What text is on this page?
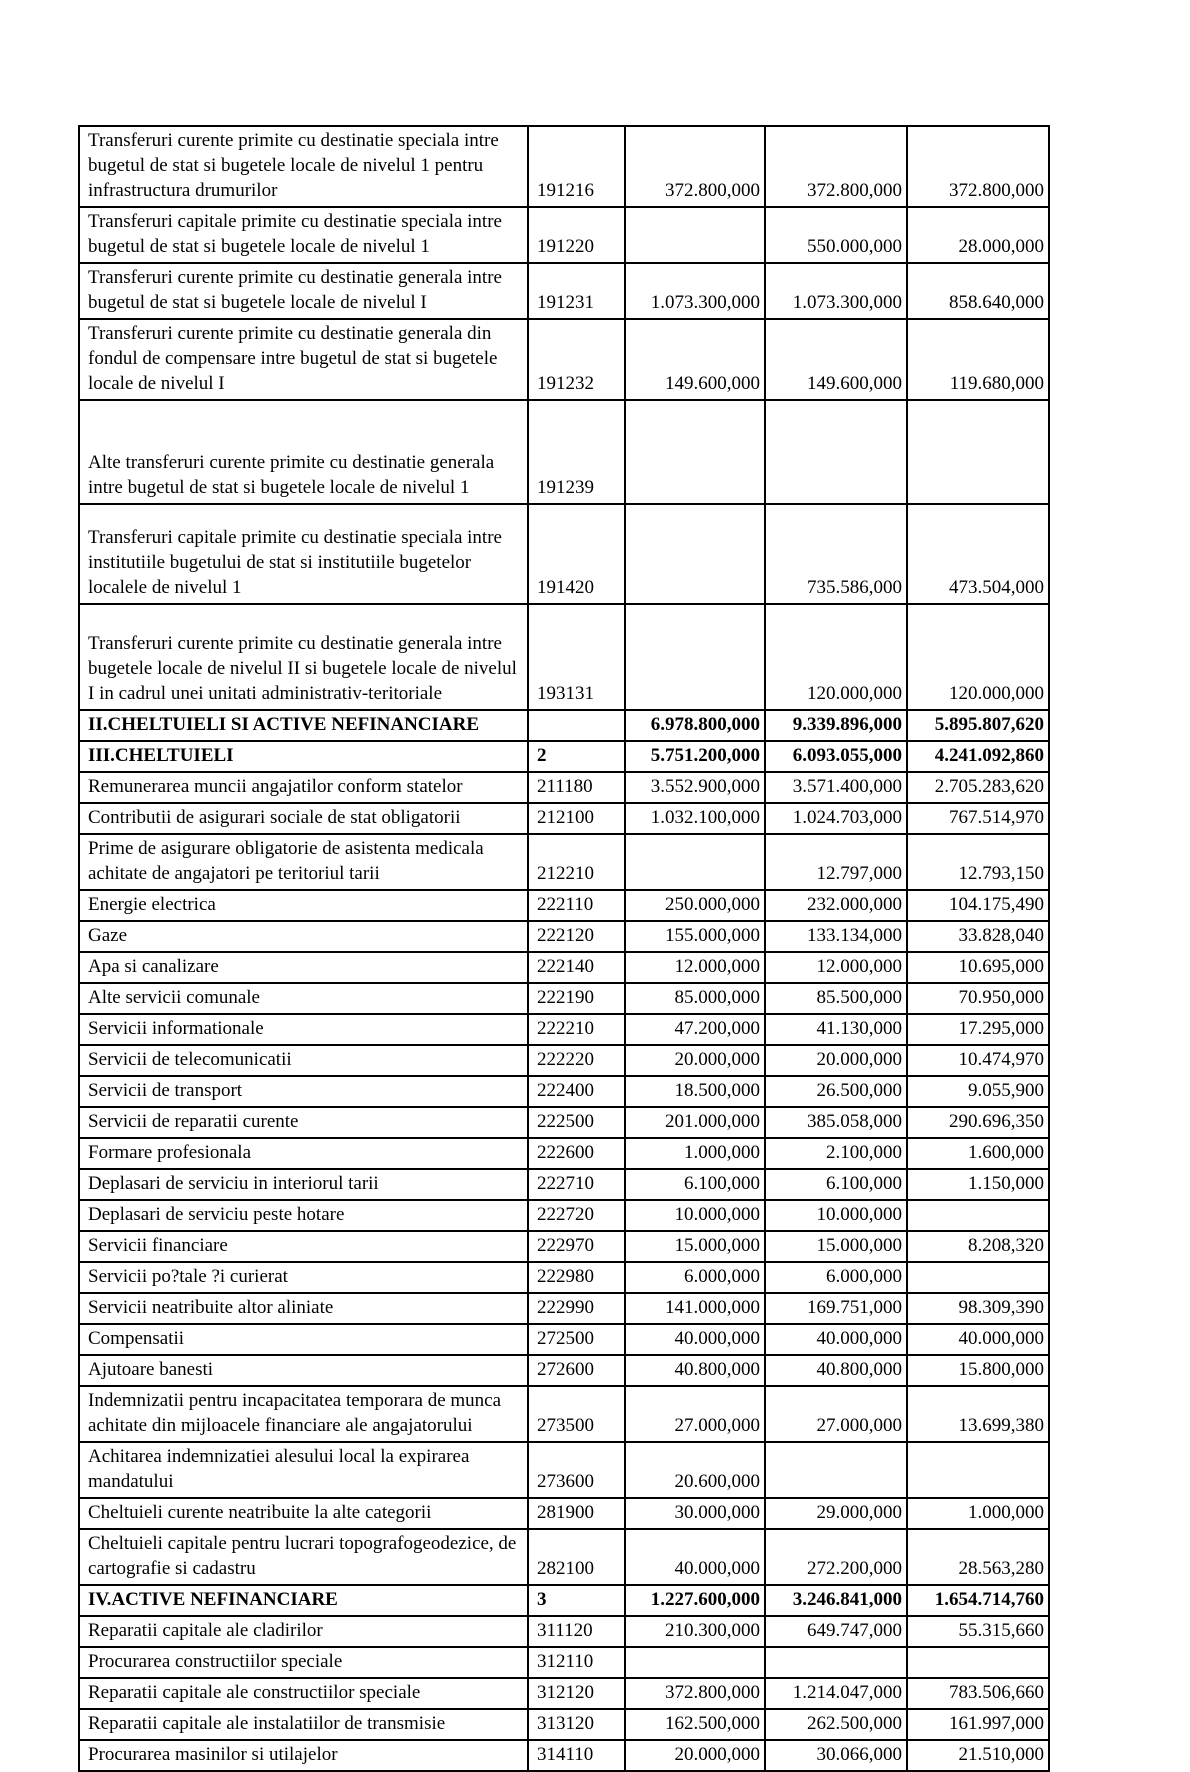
Transferuri curente primite cu destinatie speciala intre bugetul de stat si bugetele locale de nivelul 1 pentru infrastructura drumurilor	191216	372.800,000	372.800,000	372.800,000
Transferuri capitale primite cu destinatie speciala intre bugetul de stat si bugetele locale de nivelul 1	191220		550.000,000	28.000,000
Transferuri curente primite cu destinatie generala intre bugetul de stat si bugetele locale de nivelul I	191231	1.073.300,000	1.073.300,000	858.640,000
Transferuri curente primite cu destinatie generala din fondul de compensare intre bugetul de stat si bugetele locale de nivelul I	191232	149.600,000	149.600,000	119.680,000
Alte transferuri curente primite cu destinatie generala intre bugetul de stat si bugetele locale de nivelul 1	191239			
Transferuri capitale primite cu destinatie speciala intre institutiile bugetului de stat si institutiile bugetelor localele de nivelul 1	191420		735.586,000	473.504,000
Transferuri curente primite cu destinatie generala intre bugetele locale de nivelul II si bugetele locale de nivelul I in cadrul unei unitati administrativ-teritoriale	193131		120.000,000	120.000,000
II.CHELTUIELI SI ACTIVE NEFINANCIARE		6.978.800,000	9.339.896,000	5.895.807,620
III.CHELTUIELI	2	5.751.200,000	6.093.055,000	4.241.092,860
Remunerarea muncii angajatilor conform statelor	211180	3.552.900,000	3.571.400,000	2.705.283,620
Contributii de asigurari sociale de stat obligatorii	212100	1.032.100,000	1.024.703,000	767.514,970
Prime de asigurare obligatorie de asistenta medicala achitate de angajatori pe teritoriul tarii	212210		12.797,000	12.793,150
Energie electrica	222110	250.000,000	232.000,000	104.175,490
Gaze	222120	155.000,000	133.134,000	33.828,040
Apa si canalizare	222140	12.000,000	12.000,000	10.695,000
Alte servicii comunale	222190	85.000,000	85.500,000	70.950,000
Servicii informationale	222210	47.200,000	41.130,000	17.295,000
Servicii de telecomunicatii	222220	20.000,000	20.000,000	10.474,970
Servicii de transport	222400	18.500,000	26.500,000	9.055,900
Servicii de reparatii curente	222500	201.000,000	385.058,000	290.696,350
Formare profesionala	222600	1.000,000	2.100,000	1.600,000
Deplasari de serviciu in interiorul tarii	222710	6.100,000	6.100,000	1.150,000
Deplasari de serviciu peste hotare	222720	10.000,000	10.000,000	
Servicii financiare	222970	15.000,000	15.000,000	8.208,320
Servicii po?tale ?i curierat	222980	6.000,000	6.000,000	
Servicii neatribuite altor aliniate	222990	141.000,000	169.751,000	98.309,390
Compensatii	272500	40.000,000	40.000,000	40.000,000
Ajutoare banesti	272600	40.800,000	40.800,000	15.800,000
Indemnizatii pentru incapacitatea temporara de munca achitate din mijloacele financiare ale angajatorului	273500	27.000,000	27.000,000	13.699,380
Achitarea indemnizatiei alesului local la expirarea mandatului	273600	20.600,000		
Cheltuieli curente neatribuite la alte categorii	281900	30.000,000	29.000,000	1.000,000
Cheltuieli capitale pentru lucrari topografogeodezice, de cartografie si cadastru	282100	40.000,000	272.200,000	28.563,280
IV.ACTIVE NEFINANCIARE	3	1.227.600,000	3.246.841,000	1.654.714,760
Reparatii capitale ale cladirilor	311120	210.300,000	649.747,000	55.315,660
Procurarea constructiilor speciale	312110			
Reparatii capitale ale constructiilor speciale	312120	372.800,000	1.214.047,000	783.506,660
Reparatii capitale ale instalatiilor de transmisie	313120	162.500,000	262.500,000	161.997,000
Procurarea masinilor si utilajelor	314110	20.000,000	30.066,000	21.510,000
